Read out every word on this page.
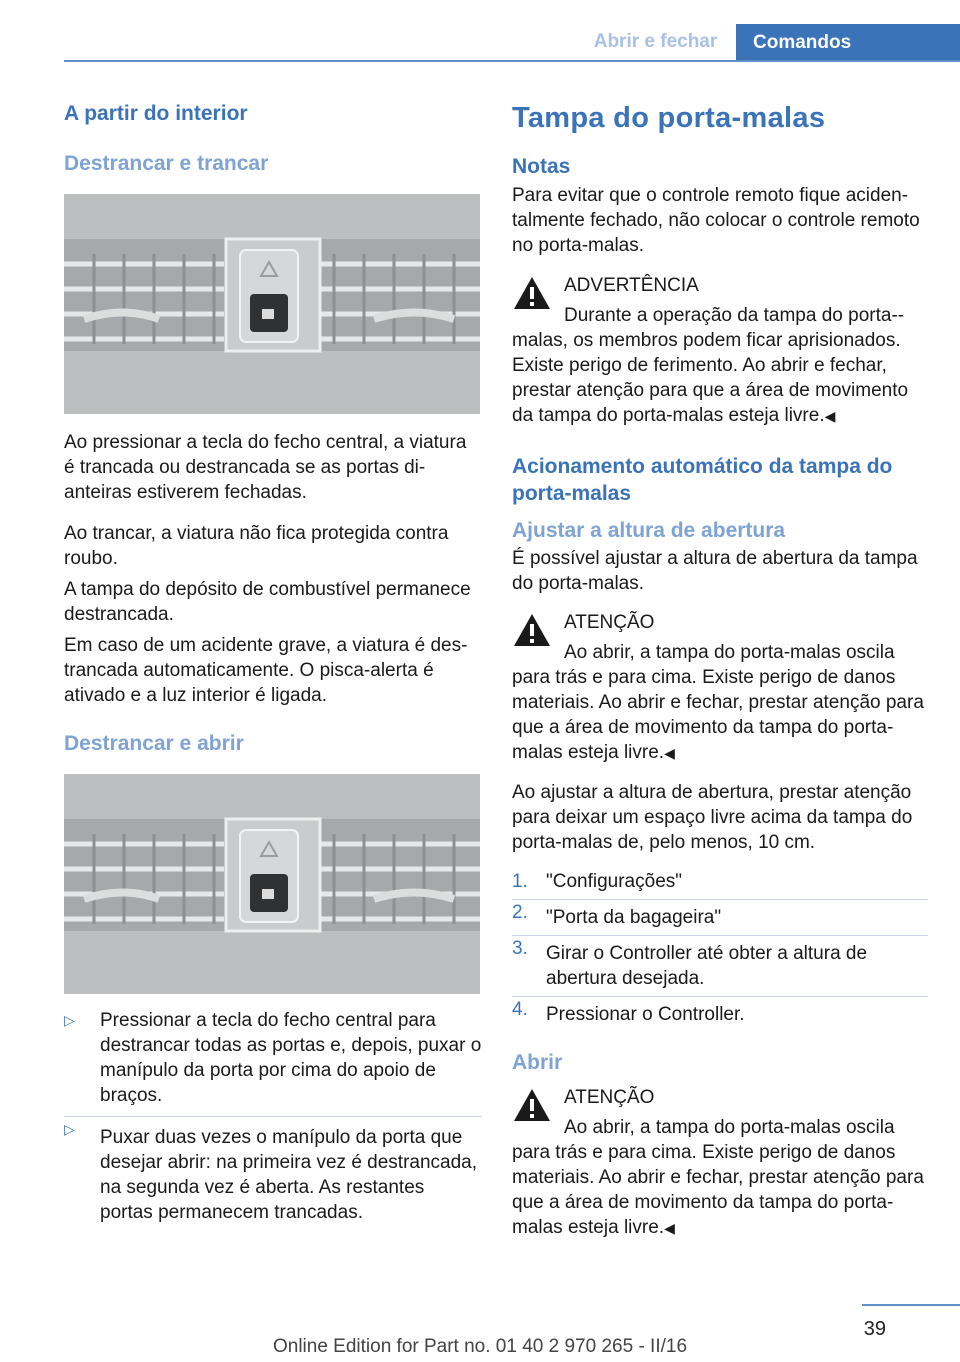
Abrir e fechar	Comandos
A partir do interior
Destrancar e trancar

Ao pressionar a tecla do fecho central, a viatura é trancada ou destrancada se as portas dianteiras estiverem fechadas.

Ao trancar, a viatura não fica protegida contra roubo.

A tampa do depósito de combustível permanece destrancada.

Em caso de um acidente grave, a viatura é destrancada automaticamente. O pisca-alerta é ativado e a luz interior é ligada.

Destrancar e abrir
▷ Pressionar a tecla do fecho central para destrancar todas as portas e, depois, puxar o manípulo da porta por cima do apoio de braços.
▷ Puxar duas vezes o manípulo da porta que desejar abrir: na primeira vez é destrancada, na segunda vez é aberta. As restantes portas permanecem trancadas.
Tampa do porta-malas
Notas

Para evitar que o controle remoto fique acidentalmente fechado, não colocar o controle remoto no porta-malas.

ADVERTÊNCIA
Durante a operação da tampa do porta-malas, os membros podem ficar aprisionados. Existe perigo de ferimento. Ao abrir e fechar, prestar atenção para que a área de movimento da tampa do porta-malas esteja livre.◀
Acionamento automático da tampa do porta-malas
Ajustar a altura de abertura

É possível ajustar a altura de abertura da tampa do porta-malas.

ATENÇÃO
Ao abrir, a tampa do porta-malas oscila para trás e para cima. Existe perigo de danos materiais. Ao abrir e fechar, prestar atenção para que a área de movimento da tampa do porta-malas esteja livre.◀

Ao ajustar a altura de abertura, prestar atenção para deixar um espaço livre acima da tampa do porta-malas de, pelo menos, 10 cm.

1. "Configurações"
2. "Porta da bagageira"
3. Girar o Controller até obter a altura de abertura desejada.
4. Pressionar o Controller.
Abrir
ATENÇÃO
Ao abrir, a tampa do porta-malas oscila para trás e para cima. Existe perigo de danos materiais. Ao abrir e fechar, prestar atenção para que a área de movimento da tampa do porta-malas esteja livre.◀
39
Online Edition for Part no. 01 40 2 970 265 - II/16
